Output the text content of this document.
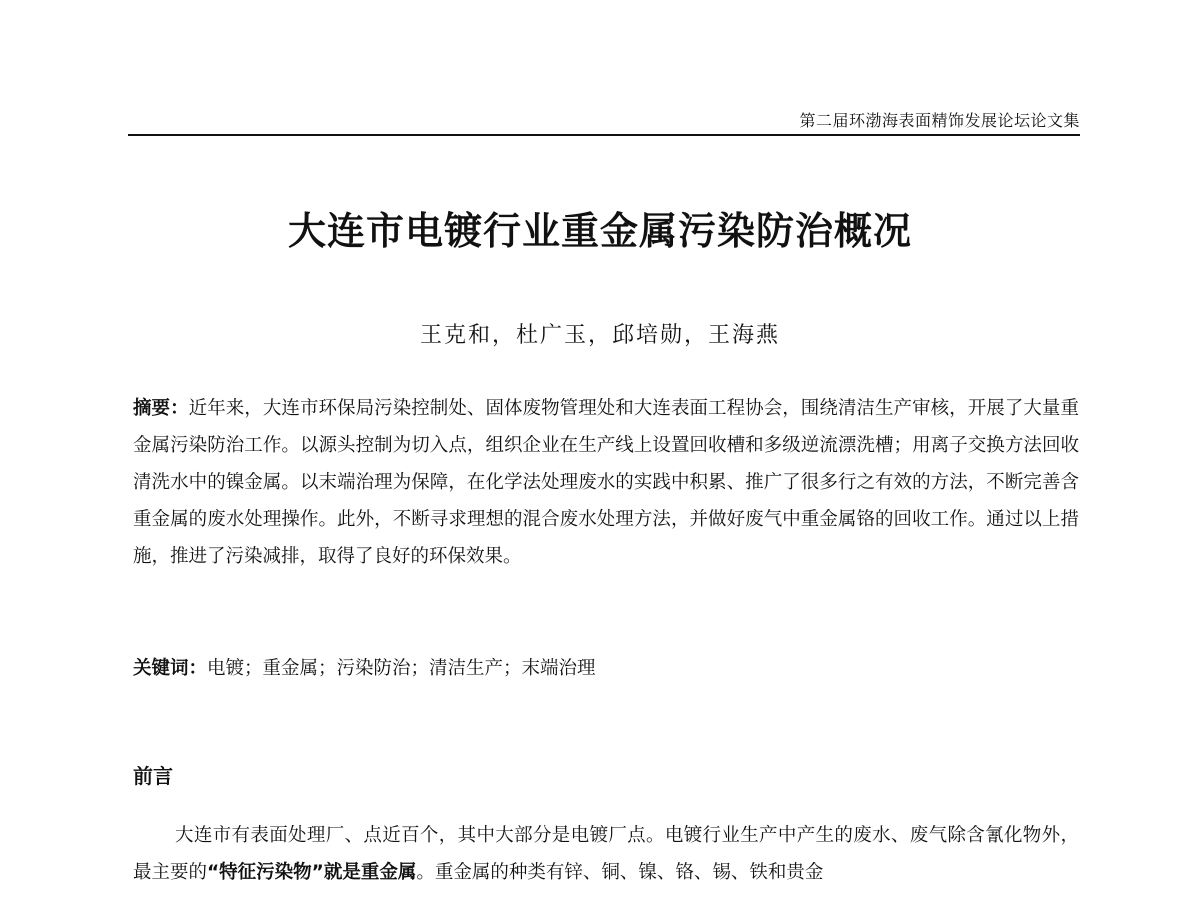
第二届环渤海表面精饰发展论坛论文集
大连市电镀行业重金属污染防治概况
王克和，杜广玉，邱培勋，王海燕
摘要：近年来，大连市环保局污染控制处、固体废物管理处和大连表面工程协会，围绕清洁生产审核，开展了大量重金属污染防治工作。以源头控制为切入点，组织企业在生产线上设置回收槽和多级逆流漂洗槽；用离子交换方法回收清洗水中的镍金属。以末端治理为保障，在化学法处理废水的实践中积累、推广了很多行之有效的方法，不断完善含重金属的废水处理操作。此外，不断寻求理想的混合废水处理方法，并做好废气中重金属铬的回收工作。通过以上措施，推进了污染减排，取得了良好的环保效果。
关键词：电镀；重金属；污染防治；清洁生产；末端治理
前言
大连市有表面处理厂、点近百个，其中大部分是电镀厂点。电镀行业生产中产生的废水、废气除含氰化物外，最主要的“特征污染物”就是重金属。重金属的种类有锌、铜、镍、铬、锡、铁和贵金
